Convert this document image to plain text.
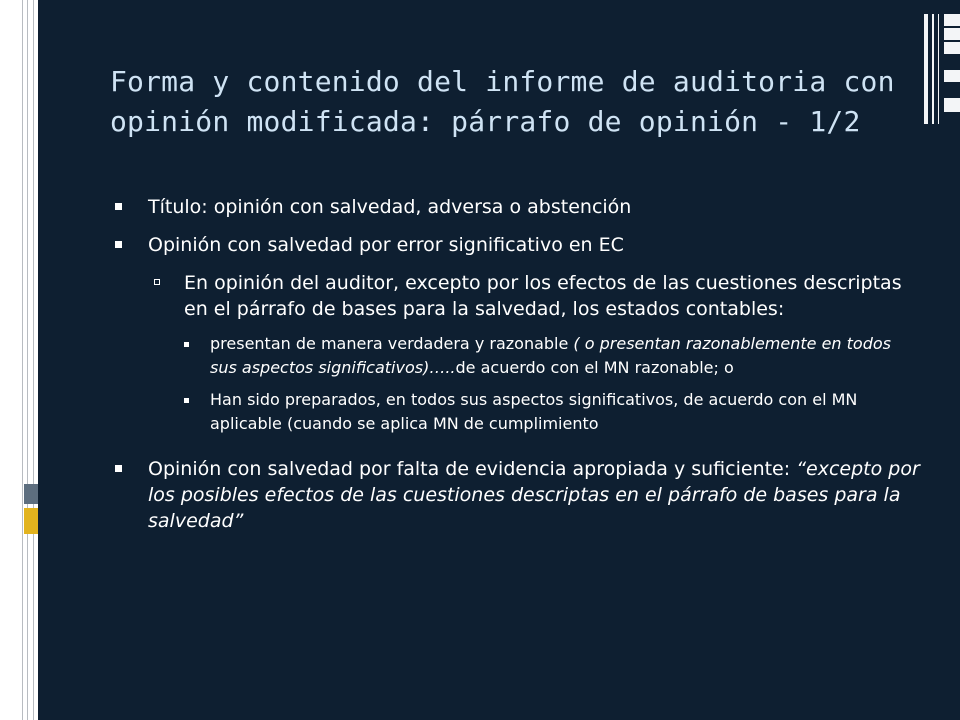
Forma y contenido del informe de auditoria con opinión modificada: párrafo de opinión - 1/2
Título: opinión con salvedad, adversa o abstención
Opinión con salvedad por error significativo en EC
En opinión del auditor, excepto por los efectos de las cuestiones descriptas en el párrafo de bases para la salvedad, los estados contables:
presentan de manera verdadera y razonable ( o presentan razonablemente en todos sus aspectos significativos)…..de acuerdo con el MN razonable; o
Han sido preparados, en todos sus aspectos significativos, de acuerdo con el MN aplicable (cuando se aplica MN de cumplimiento
Opinión con salvedad por falta de evidencia apropiada y suficiente: “excepto por los posibles efectos de las cuestiones descriptas en el párrafo de bases para la salvedad”
